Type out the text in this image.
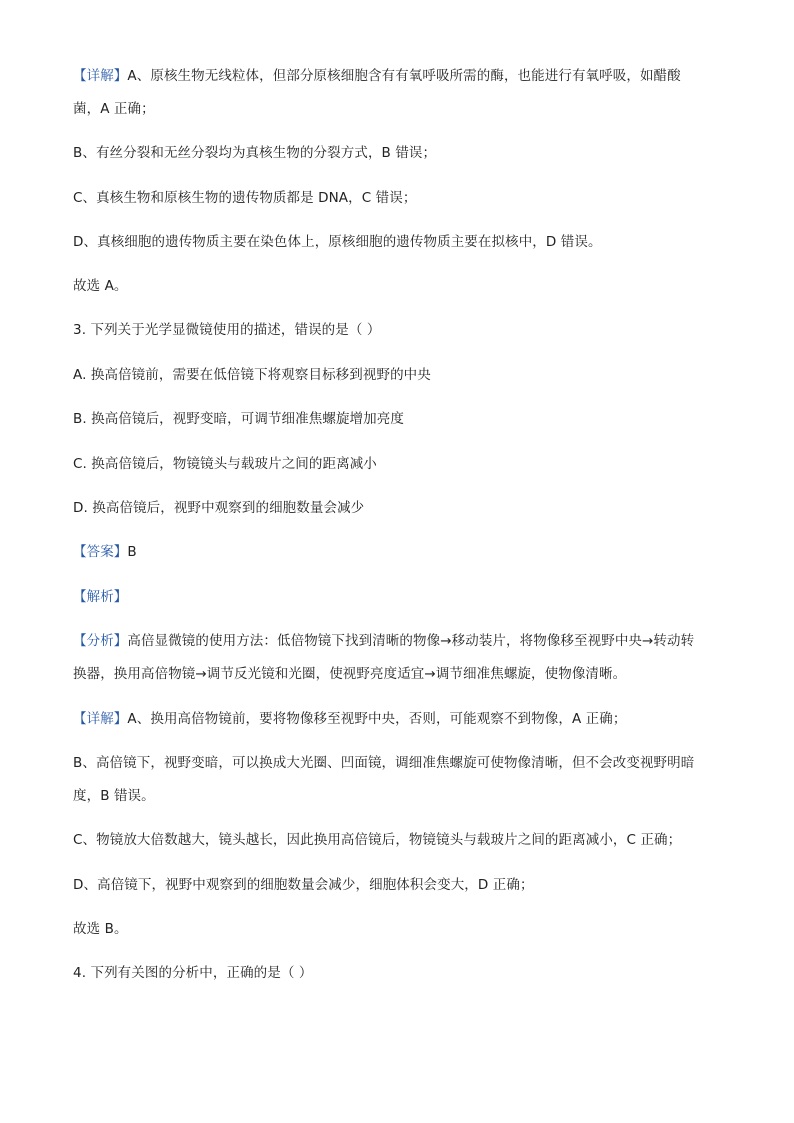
【详解】A、原核生物无线粒体，但部分原核细胞含有有氧呼吸所需的酶，也能进行有氧呼吸，如醋酸
菌，A 正确；
B、有丝分裂和无丝分裂均为真核生物的分裂方式，B 错误；
C、真核生物和原核生物的遗传物质都是 DNA，C 错误；
D、真核细胞的遗传物质主要在染色体上，原核细胞的遗传物质主要在拟核中，D 错误。
故选 A。
3. 下列关于光学显微镜使用的描述，错误的是（ ）
A. 换高倍镜前，需要在低倍镜下将观察目标移到视野的中央
B. 换高倍镜后，视野变暗，可调节细准焦螺旋增加亮度
C. 换高倍镜后，物镜镜头与载玻片之间的距离减小
D. 换高倍镜后，视野中观察到的细胞数量会减少
【答案】B
【解析】
【分析】高倍显微镜的使用方法：低倍物镜下找到清晰的物像→移动装片，将物像移至视野中央→转动转
换器，换用高倍物镜→调节反光镜和光圈，使视野亮度适宜→调节细准焦螺旋，使物像清晰。
【详解】A、换用高倍物镜前，要将物像移至视野中央，否则，可能观察不到物像，A 正确；
B、高倍镜下，视野变暗，可以换成大光圈、凹面镜，调细准焦螺旋可使物像清晰，但不会改变视野明暗
度，B 错误。
C、物镜放大倍数越大，镜头越长，因此换用高倍镜后，物镜镜头与载玻片之间的距离减小，C 正确；
D、高倍镜下，视野中观察到的细胞数量会减少，细胞体积会变大，D 正确；
故选 B。
4. 下列有关图的分析中，正确的是（ ）
